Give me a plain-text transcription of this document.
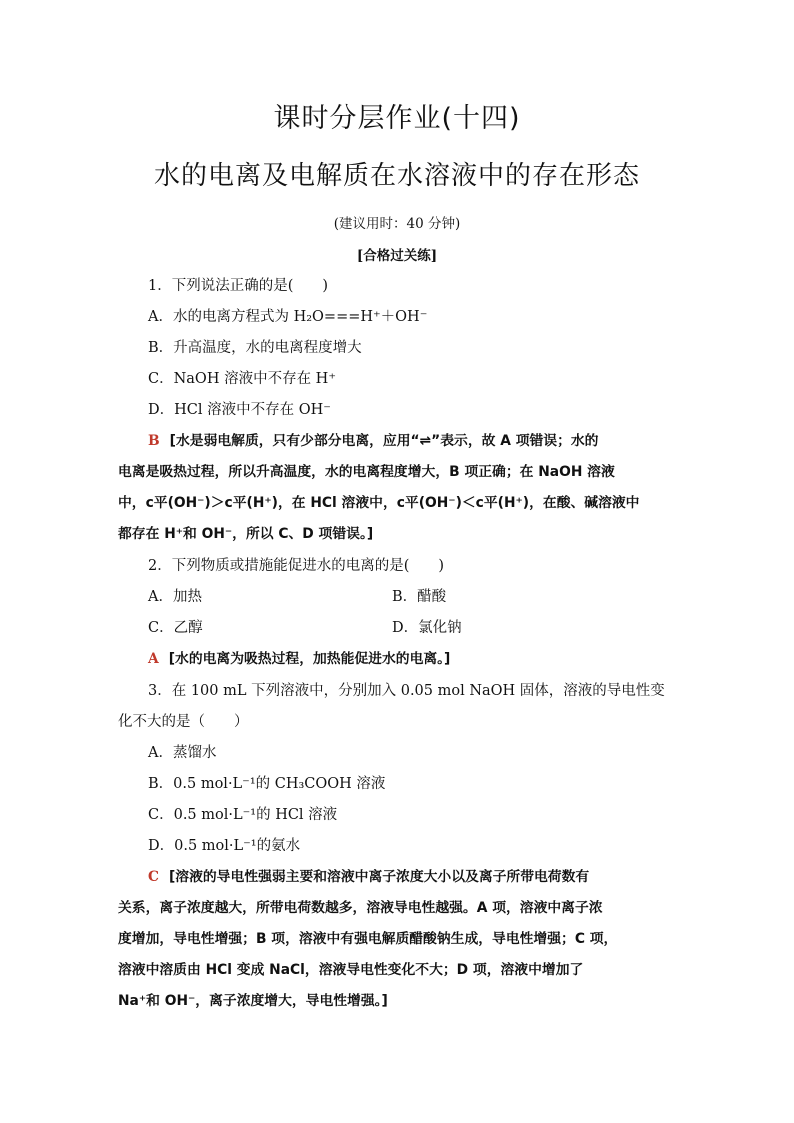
课时分层作业(十四)
水的电离及电解质在水溶液中的存在形态
(建议用时：40 分钟)
[合格过关练]
1．下列说法正确的是(　　)
A．水的电离方程式为 H₂O===H⁺＋OH⁻
B．升高温度，水的电离程度增大
C．NaOH 溶液中不存在 H⁺
D．HCl 溶液中不存在 OH⁻
B [水是弱电解质，只有少部分电离，应用“⇌”表示，故 A 项错误；水的
电离是吸热过程，所以升高温度，水的电离程度增大，B 项正确；在 NaOH 溶液
中，c平(OH⁻)＞c平(H⁺)，在 HCl 溶液中，c平(OH⁻)＜c平(H⁺)，在酸、碱溶液中
都存在 H⁺和 OH⁻，所以 C、D 项错误。]
2．下列物质或措施能促进水的电离的是(　　)
A．加热	B．醋酸
C．乙醇	D．氯化钠
A [水的电离为吸热过程，加热能促进水的电离。]
3．在 100 mL 下列溶液中，分别加入 0.05 mol NaOH 固体，溶液的导电性变
化不大的是（　　）
A．蒸馏水
B．0.5 mol·L⁻¹的 CH₃COOH 溶液
C．0.5 mol·L⁻¹的 HCl 溶液
D．0.5 mol·L⁻¹的氨水
C [溶液的导电性强弱主要和溶液中离子浓度大小以及离子所带电荷数有
关系，离子浓度越大，所带电荷数越多，溶液导电性越强。A 项，溶液中离子浓
度增加，导电性增强；B 项，溶液中有强电解质醋酸钠生成，导电性增强；C 项，
溶液中溶质由 HCl 变成 NaCl，溶液导电性变化不大；D 项，溶液中增加了
Na⁺和 OH⁻，离子浓度增大，导电性增强。]
